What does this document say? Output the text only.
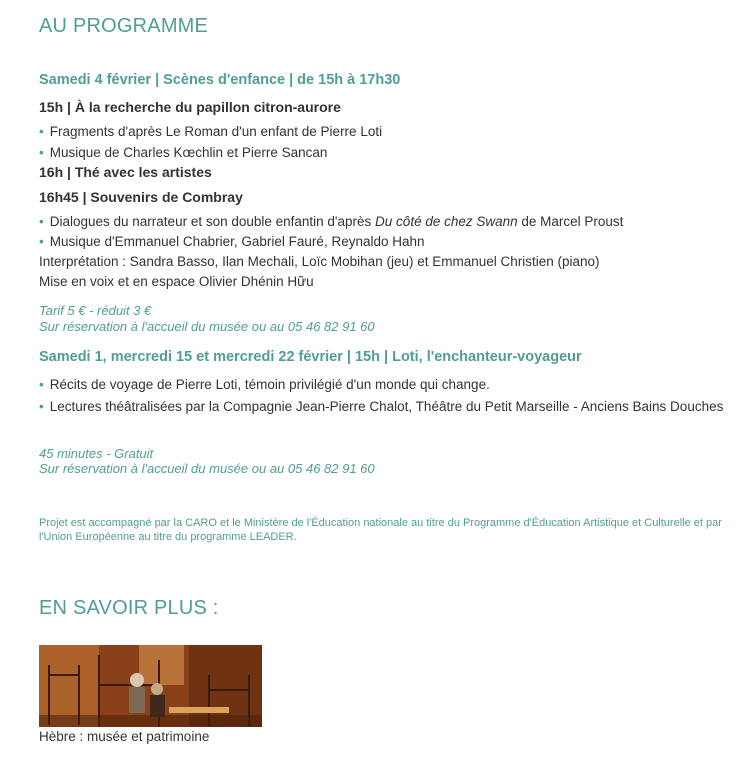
AU PROGRAMME
Samedi 4 février | Scènes d'enfance | de 15h à 17h30
15h | À la recherche du papillon citron-aurore
• Fragments d'après Le Roman d'un enfant de Pierre Loti
• Musique de Charles Kœchlin et Pierre Sancan
16h | Thé avec les artistes
16h45 | Souvenirs de Combray
• Dialogues du narrateur et son double enfantin d'après Du côté de chez Swann de Marcel Proust
• Musique d'Emmanuel Chabrier, Gabriel Fauré, Reynaldo Hahn
Interprétation : Sandra Basso, Ilan Mechali, Loïc Mobihan (jeu) et Emmanuel Christien (piano)
Mise en voix et en espace Olivier Dhénin Hữu
Tarif 5 € - réduit 3 €
Sur réservation à l'accueil du musée ou au 05 46 82 91 60
Samedi 1, mercredi 15 et mercredi 22 février | 15h | Loti, l'enchanteur-voyageur
• Récits de voyage de Pierre Loti, témoin privilégié d'un monde qui change.
• Lectures théâtralisées par la Compagnie Jean-Pierre Chalot, Théâtre du Petit Marseille - Anciens Bains Douches
45 minutes - Gratuit
Sur réservation à l'accueil du musée ou au 05 46 82 91 60
Projet est accompagné par la CARO et le Ministère de l'Éducation nationale au titre du Programme d'Éducation Artistique et Culturelle et par l'Union Européenne au titre du programme LEADER.
EN SAVOIR PLUS :
Hèbre : musée et patrimoine
